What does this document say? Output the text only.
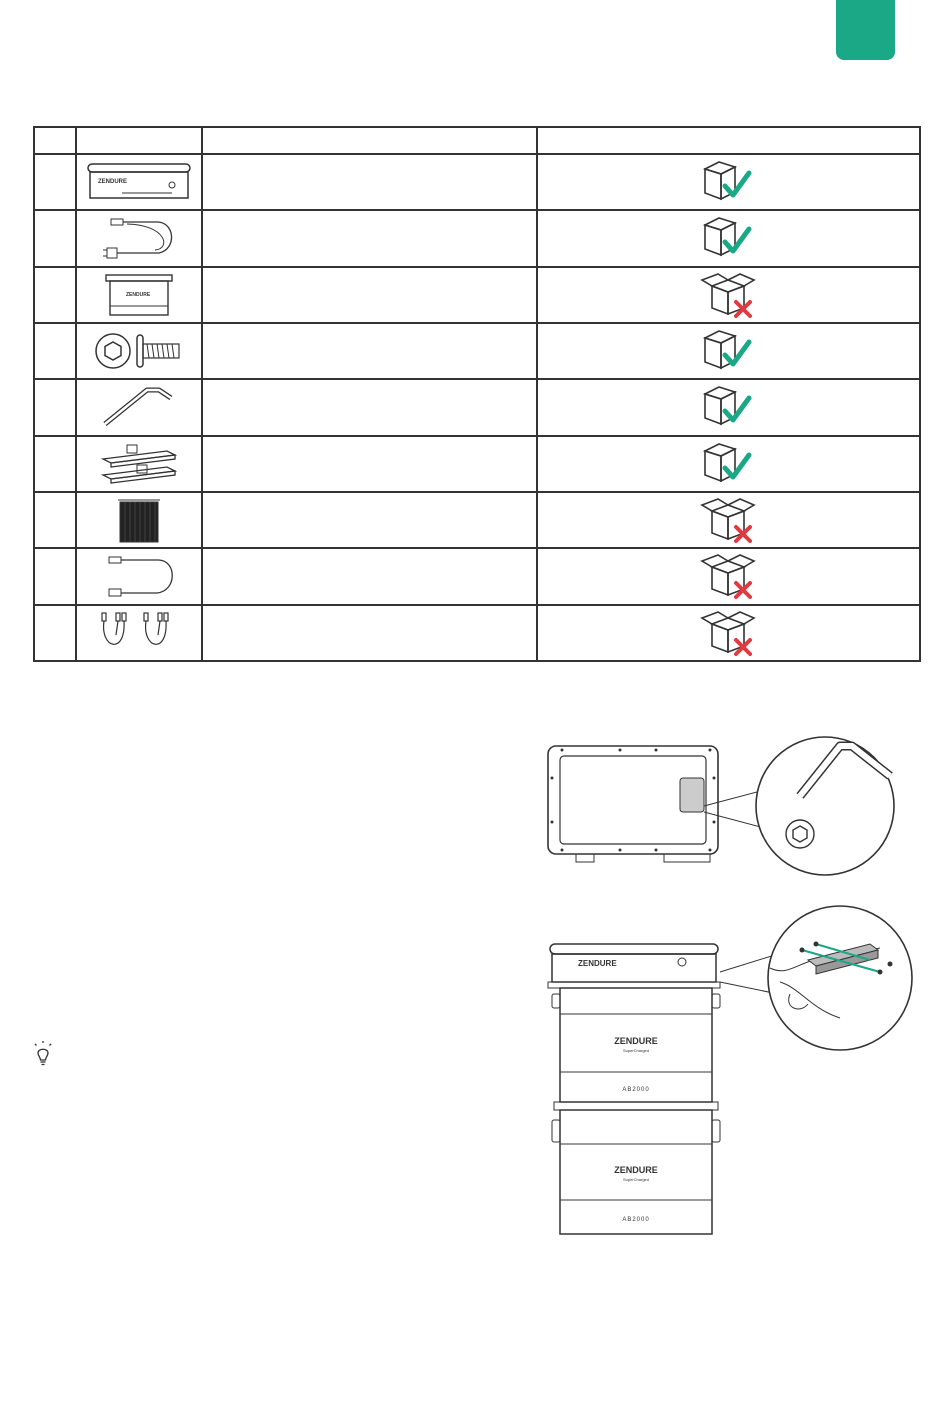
ZENDURE

ZENDURE

ZENDURE
ZENDURE
SuperCharged
AB2000
ZENDURE
SuperCharged
AB2000
